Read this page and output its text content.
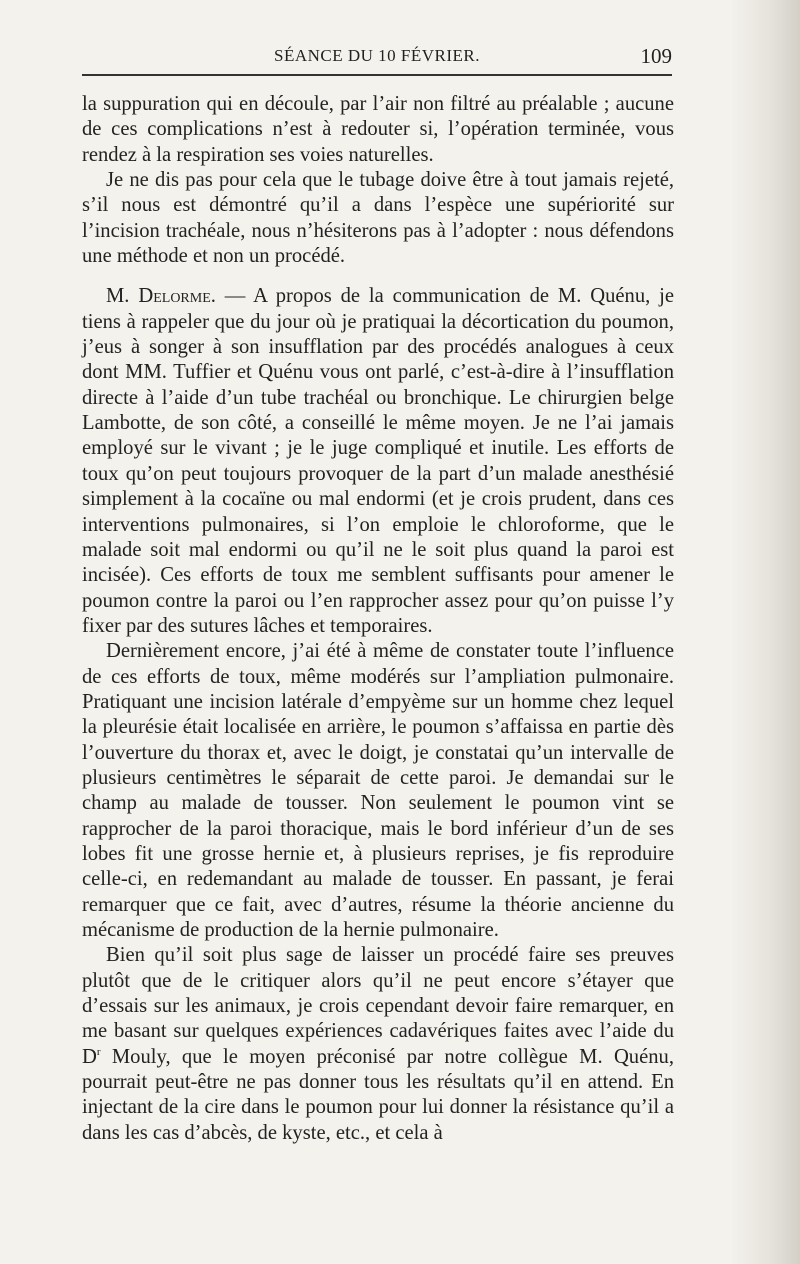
SÉANCE DU 10 FÉVRIER.	109

la suppuration qui en découle, par l’air non filtré au préalable ; aucune de ces complications n’est à redouter si, l’opération terminée, vous rendez à la respiration ses voies naturelles.

Je ne dis pas pour cela que le tubage doive être à tout jamais rejeté, s’il nous est démontré qu’il a dans l’espèce une supériorité sur l’incision trachéale, nous n’hésiterons pas à l’adopter : nous défendons une méthode et non un procédé.

M. Delorme. — A propos de la communication de M. Quénu, je tiens à rappeler que du jour où je pratiquai la décortication du poumon, j’eus à songer à son insufflation par des procédés analogues à ceux dont MM. Tuffier et Quénu vous ont parlé, c’est-à-dire à l’insufflation directe à l’aide d’un tube trachéal ou bronchique. Le chirurgien belge Lambotte, de son côté, a conseillé le même moyen. Je ne l’ai jamais employé sur le vivant ; je le juge compliqué et inutile. Les efforts de toux qu’on peut toujours provoquer de la part d’un malade anesthésié simplement à la cocaïne ou mal endormi (et je crois prudent, dans ces interventions pulmonaires, si l’on emploie le chloroforme, que le malade soit mal endormi ou qu’il ne le soit plus quand la paroi est incisée). Ces efforts de toux me semblent suffisants pour amener le poumon contre la paroi ou l’en rapprocher assez pour qu’on puisse l’y fixer par des sutures lâches et temporaires.

Dernièrement encore, j’ai été à même de constater toute l’influence de ces efforts de toux, même modérés sur l’ampliation pulmonaire. Pratiquant une incision latérale d’empyème sur un homme chez lequel la pleurésie était localisée en arrière, le poumon s’affaissa en partie dès l’ouverture du thorax et, avec le doigt, je constatai qu’un intervalle de plusieurs centimètres le séparait de cette paroi. Je demandai sur le champ au malade de tousser. Non seulement le poumon vint se rapprocher de la paroi thoracique, mais le bord inférieur d’un de ses lobes fit une grosse hernie et, à plusieurs reprises, je fis reproduire celle-ci, en redemandant au malade de tousser. En passant, je ferai remarquer que ce fait, avec d’autres, résume la théorie ancienne du mécanisme de production de la hernie pulmonaire.

Bien qu’il soit plus sage de laisser un procédé faire ses preuves plutôt que de le critiquer alors qu’il ne peut encore s’étayer que d’essais sur les animaux, je crois cependant devoir faire remarquer, en me basant sur quelques expériences cadavériques faites avec l’aide du $D^r$ Mouly, que le moyen préconisé par notre collègue M. Quénu, pourrait peut-être ne pas donner tous les résultats qu’il en attend. En injectant de la cire dans le poumon pour lui donner la résistance qu’il a dans les cas d’abcès, de kyste, etc., et cela à
